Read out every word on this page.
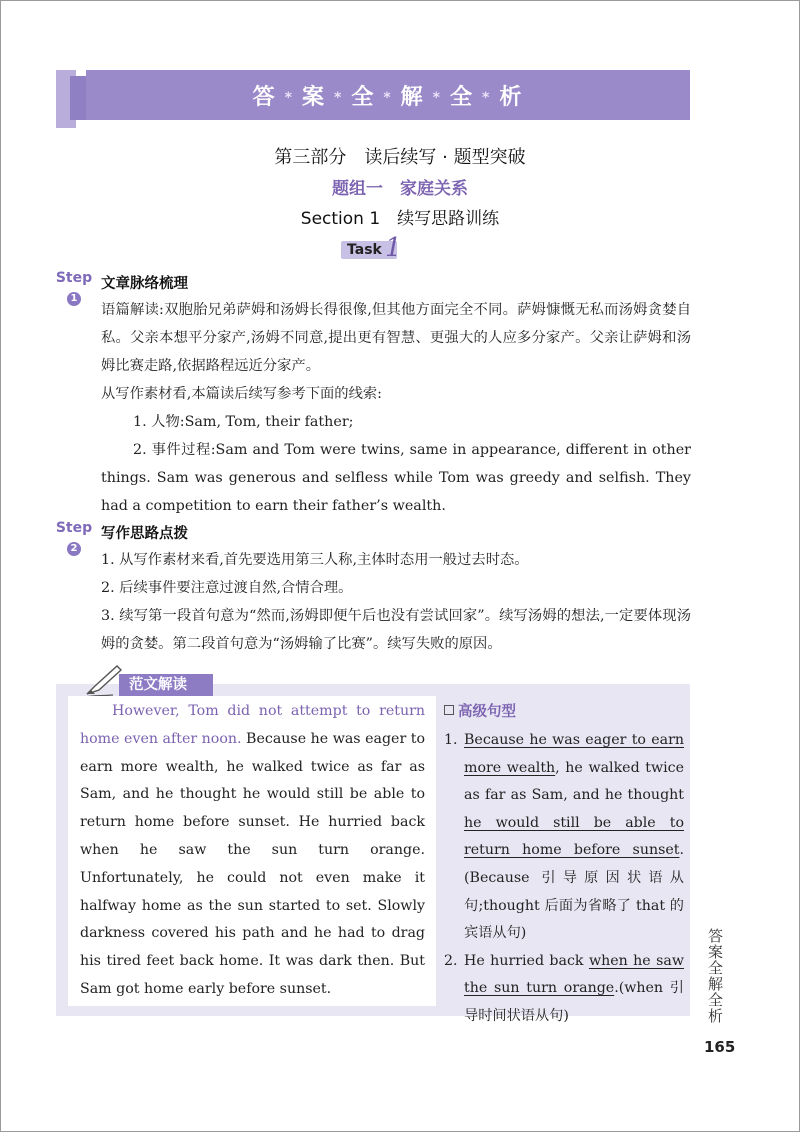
答 * 案 * 全 * 解 * 全 * 析
第三部分　读后续写 · 题型突破
题组一　家庭关系
Section 1　续写思路训练
Task 1
Step
1
文章脉络梳理

语篇解读:双胞胎兄弟萨姆和汤姆长得很像,但其他方面完全不同。萨姆慷慨无私而汤姆贪婪自私。父亲本想平分家产,汤姆不同意,提出更有智慧、更强大的人应多分家产。父亲让萨姆和汤姆比赛走路,依据路程远近分家产。

从写作素材看,本篇读后续写参考下面的线索:

1. 人物:Sam, Tom, their father;

2. 事件过程:Sam and Tom were twins, same in appearance, different in other things. Sam was generous and selfless while Tom was greedy and selfish. They had a competition to earn their father’s wealth.

Step
2
写作思路点拨

1. 从写作素材来看,首先要选用第三人称,主体时态用一般过去时态。

2. 后续事件要注意过渡自然,合情合理。

3. 续写第一段首句意为“然而,汤姆即便午后也没有尝试回家”。续写汤姆的想法,一定要体现汤姆的贪婪。第二段首句意为“汤姆输了比赛”。续写失败的原因。

范文解读
However, Tom did not attempt to return home even after noon. Because he was eager to earn more wealth, he walked twice as far as Sam, and he thought he would still be able to return home before sunset. He hurried back when he saw the sun turn orange. Unfortunately, he could not even make it halfway home as the sun started to set. Slowly darkness covered his path and he had to drag his tired feet back home. It was dark then. But Sam got home early before sunset.
高级句型
1. Because he was eager to earn more wealth, he walked twice as far as Sam, and he thought he would still be able to return home before sunset.(Because 引导原因状语从句;thought 后面为省略了 that 的宾语从句)
2. He hurried back when he saw the sun turn orange.(when 引导时间状语从句)	答案全解全析
165
